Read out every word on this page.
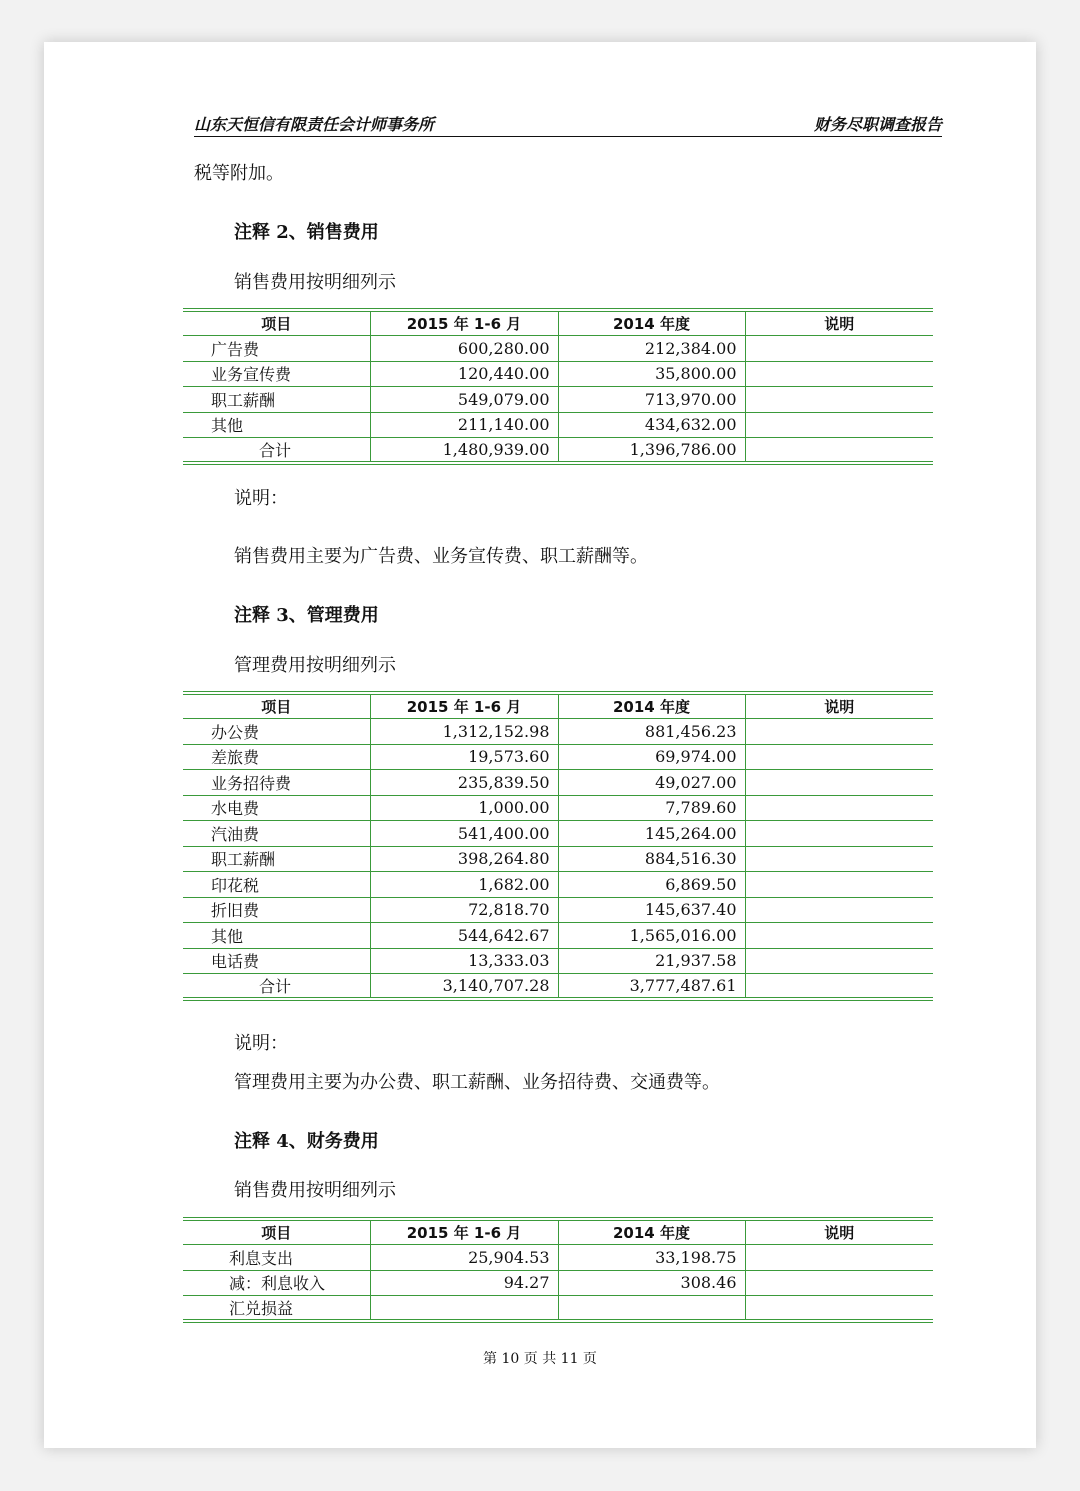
山东天恒信有限责任会计师事务所	财务尽职调查报告
税等附加。
注释 2、销售费用
销售费用按明细列示
项目	2015 年 1-6 月	2014 年度	说明
广告费	600,280.00	212,384.00	
业务宣传费	120,440.00	35,800.00	
职工薪酬	549,079.00	713,970.00	
其他	211,140.00	434,632.00	
合计	1,480,939.00	1,396,786.00	
说明：
销售费用主要为广告费、业务宣传费、职工薪酬等。
注释 3、管理费用
管理费用按明细列示
项目	2015 年 1-6 月	2014 年度	说明
办公费	1,312,152.98	881,456.23	
差旅费	19,573.60	69,974.00	
业务招待费	235,839.50	49,027.00	
水电费	1,000.00	7,789.60	
汽油费	541,400.00	145,264.00	
职工薪酬	398,264.80	884,516.30	
印花税	1,682.00	6,869.50	
折旧费	72,818.70	145,637.40	
其他	544,642.67	1,565,016.00	
电话费	13,333.03	21,937.58	
合计	3,140,707.28	3,777,487.61	
说明：
管理费用主要为办公费、职工薪酬、业务招待费、交通费等。
注释 4、财务费用
销售费用按明细列示
项目	2015 年 1-6 月	2014 年度	说明
利息支出	25,904.53	33,198.75	
减：利息收入	94.27	308.46	
汇兑损益			
第 10 页 共 11 页
